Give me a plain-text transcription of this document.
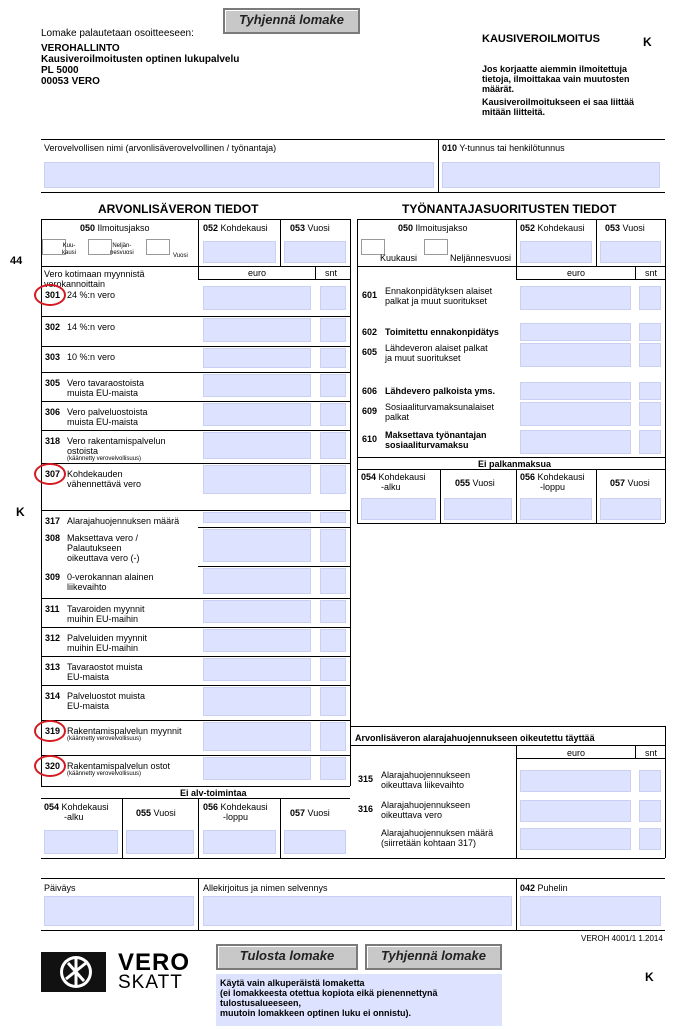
Lomake palautetaan osoitteeseen:
Tyhjennä lomake
VEROHALLINTO
Kausiveroilmoitusten optinen lukupalvelu
PL 5000
00053 VERO
KAUSIVEROILMOITUS	K
Jos korjaatte aiemmin ilmoitettuja
tietoja, ilmoittakaa vain muutosten
määrät.
Kausiveroilmoitukseen ei saa liittää
mitään liitteitä.
Verovelvollisen nimi (arvonlisäverovelvollinen / työnantaja)	010 Y-tunnus tai henkilötunnus
ARVONLISÄVERON TIEDOT	TYÖNANTAJASUORITUSTEN TIEDOT
44
K
050 Ilmoitusjakso	052 Kohdekausi 053 Vuosi
Kuu-
kausi
Neljän-
nesvuosi	Vuosi
Vero kotimaan myynnistä
verokannoittain
euro	snt
Ei alv-toimintaa
054 Kohdekausi
-alku	055 Vuosi
056 Kohdekausi
-loppu	057 Vuosi
050 Ilmoitusjakso	052 Kohdekausi 053 Vuosi
Kuukausi	Neljännesvuosi
euro	snt
Ei palkanmaksua
054 Kohdekausi
-alku	055 Vuosi
056 Kohdekausi
-loppu	057 Vuosi
Arvonlisäveron alarajahuojennukseen oikeutettu täyttää
euro	snt
Päiväys	Allekirjoitus ja nimen selvennys	042 Puhelin
VEROH 4001/1 1.2014
VERO
SKATT
Tulosta lomake	Tyhjennä lomake
Käytä vain alkuperäistä lomaketta
(ei lomakkeesta otettua kopiota eikä pienennettynä
tulostusalueeseen,
muutoin lomakkeen optinen luku ei onnistu).
K
301 24 %:n vero
302 14 %:n vero
303 10 %:n vero
305 Vero tavaraostoista
muista EU-maista
306 Vero palveluostoista
muista EU-maista
318 Vero rakentamispalvelun
ostoista
(käännetty verovelvollisuus)
307 Kohdekauden
vähennettävä vero
317 Alarajahuojennuksen määrä
308 Maksettava vero /
Palautukseen
oikeuttava vero (-)
309 0-verokannan alainen
liikevaihto
311 Tavaroiden myynnit
muihin EU-maihin
312 Palveluiden myynnit
muihin EU-maihin
313 Tavaraostot muista
EU-maista
314 Palveluostot muista
EU-maista
319 Rakentamispalvelun myynnit
(käännetty verovelvollisuus)
320 Rakentamispalvelun ostot
(käännetty verovelvollisuus)
601 Ennakonpidätyksen alaiset
palkat ja muut suoritukset
602 Toimitettu ennakonpidätys
605 Lähdeveron alaiset palkat
ja muut suoritukset
606 Lähdevero palkoista yms.
609 Sosiaaliturvamaksunalaiset
palkat
610 Maksettava työnantajan
sosiaaliturvamaksu
315 Alarajahuojennukseen
oikeuttava liikevaihto
316 Alarajahuojennukseen
oikeuttava vero
Alarajahuojennuksen määrä
(siirretään kohtaan 317)
